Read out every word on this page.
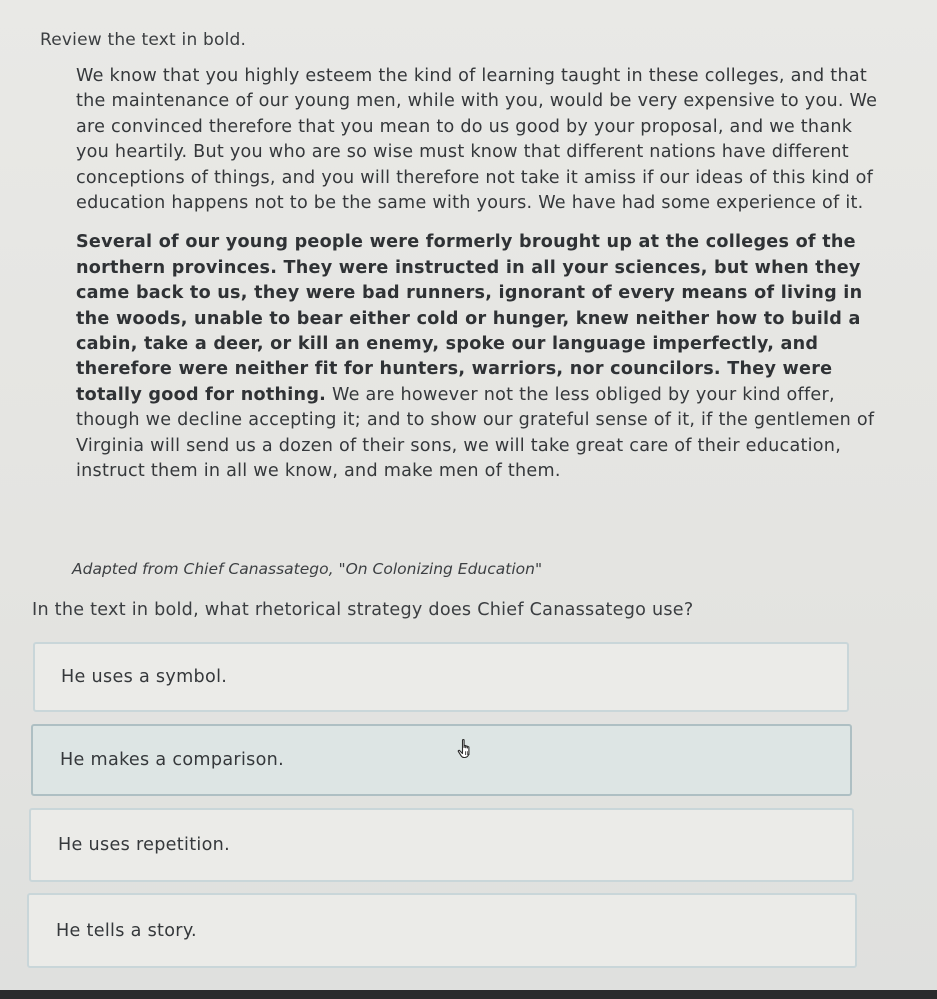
Review the text in bold.

We know that you highly esteem the kind of learning taught in these colleges, and that the maintenance of our young men, while with you, would be very expensive to you. We are convinced therefore that you mean to do us good by your proposal, and we thank you heartily. But you who are so wise must know that different nations have different conceptions of things, and you will therefore not take it amiss if our ideas of this kind of education happens not to be the same with yours. We have had some experience of it.

Several of our young people were formerly brought up at the colleges of the northern provinces. They were instructed in all your sciences, but when they came back to us, they were bad runners, ignorant of every means of living in the woods, unable to bear either cold or hunger, knew neither how to build a cabin, take a deer, or kill an enemy, spoke our language imperfectly, and therefore were neither fit for hunters, warriors, nor councilors. They were totally good for nothing. We are however not the less obliged by your kind offer, though we decline accepting it; and to show our grateful sense of it, if the gentlemen of Virginia will send us a dozen of their sons, we will take great care of their education, instruct them in all we know, and make men of them.

Adapted from Chief Canassatego, "On Colonizing Education"
In the text in bold, what rhetorical strategy does Chief Canassatego use?
He uses a symbol.
He makes a comparison.
He uses repetition.
He tells a story.
